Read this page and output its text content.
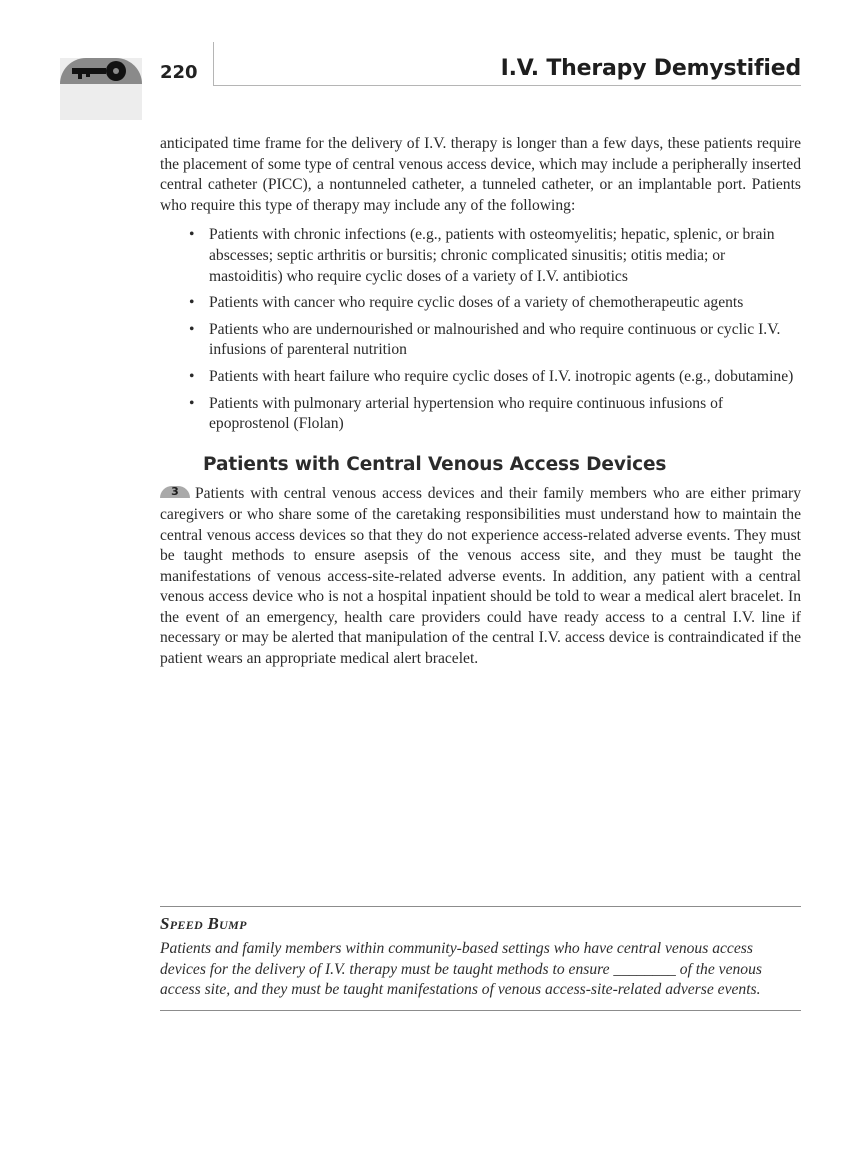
220	I.V. Therapy Demystified

anticipated time frame for the delivery of I.V. therapy is longer than a few days, these patients require the placement of some type of central venous access device, which may include a peripherally inserted central catheter (PICC), a nontunneled catheter, a tunneled catheter, or an implantable port. Patients who require this type of therapy may include any of the following:

• Patients with chronic infections (e.g., patients with osteomyelitis; hepatic, splenic, or brain abscesses; septic arthritis or bursitis; chronic complicated sinusitis; otitis media; or mastoiditis) who require cyclic doses of a variety of I.V. antibiotics
• Patients with cancer who require cyclic doses of a variety of chemotherapeutic agents
• Patients who are undernourished or malnourished and who require continuous or cyclic I.V. infusions of parenteral nutrition
• Patients with heart failure who require cyclic doses of I.V. inotropic agents (e.g., dobutamine)
• Patients with pulmonary arterial hypertension who require continuous infusions of epoprostenol (Flolan)
Patients with Central Venous Access Devices

3	Patients with central venous access devices and their family members who are either primary caregivers or who share some of the caretaking responsibilities must understand how to maintain the central venous access devices so that they do not experience access-related adverse events. They must be taught methods to ensure asepsis of the venous access site, and they must be taught the manifestations of venous access-site-related adverse events. In addition, any patient with a central venous access device who is not a hospital inpatient should be told to wear a medical alert bracelet. In the event of an emergency, health care providers could have ready access to a central I.V. line if necessary or may be alerted that manipulation of the central I.V. access device is contraindicated if the patient wears an appropriate medical alert bracelet.

Speed Bump
Patients and family members within community-based settings who have central venous access devices for the delivery of I.V. therapy must be taught methods to ensure ________ of the venous access site, and they must be taught manifestations of venous access-site-related adverse events.
